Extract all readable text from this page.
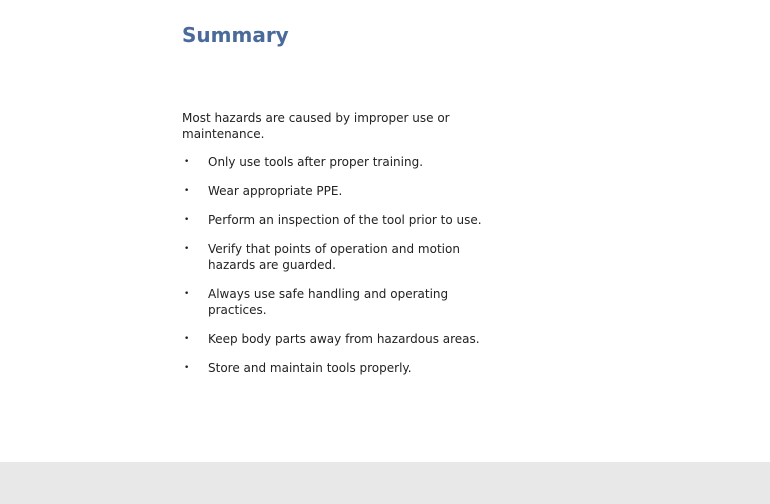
Summary

Most hazards are caused by improper use or maintenance.

• Only use tools after proper training.
• Wear appropriate PPE.
• Perform an inspection of the tool prior to use.
• Verify that points of operation and motion hazards are guarded.
• Always use safe handling and operating practices.
• Keep body parts away from hazardous areas.
• Store and maintain tools properly.
